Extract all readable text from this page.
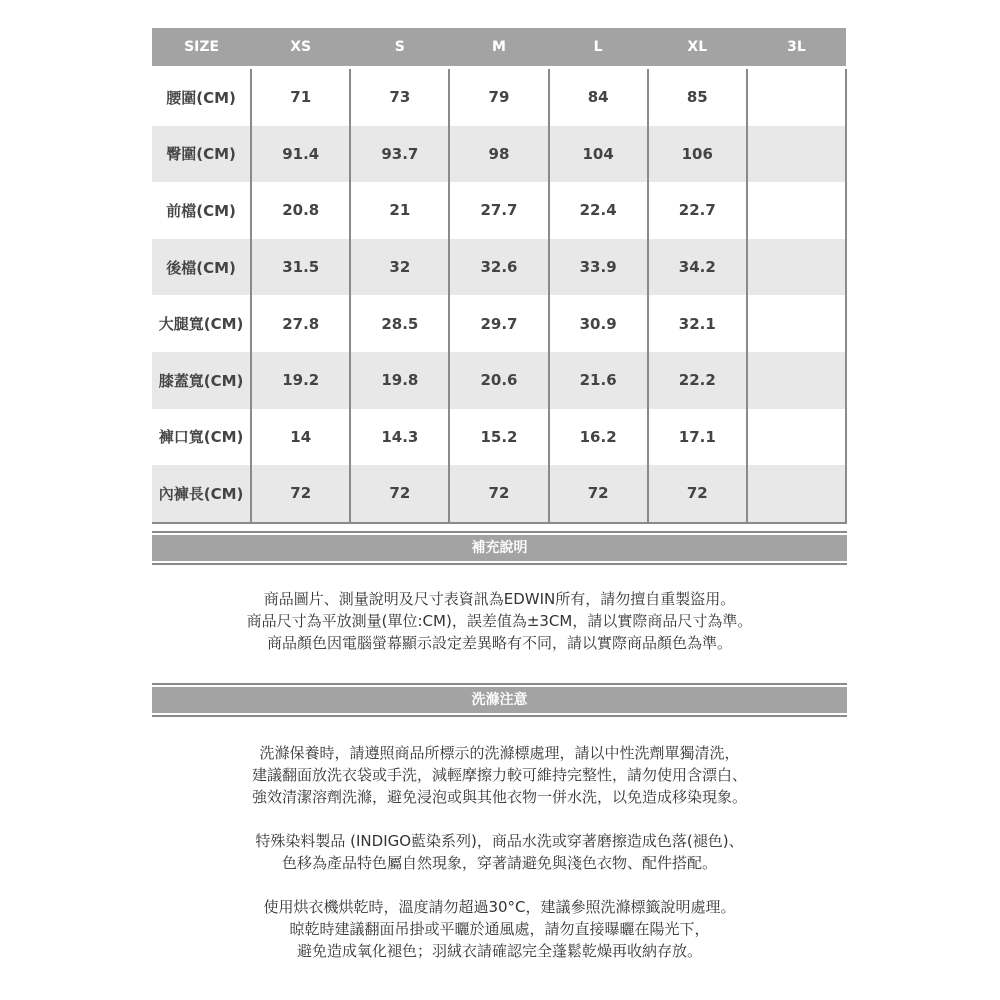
SIZE	XS	S	M	L	XL	3L
腰圍(CM)	71	73	79	84	85	
臀圍(CM)	91.4	93.7	98	104	106	
前檔(CM)	20.8	21	27.7	22.4	22.7	
後檔(CM)	31.5	32	32.6	33.9	34.2	
大腿寬(CM)	27.8	28.5	29.7	30.9	32.1	
膝蓋寬(CM)	19.2	19.8	20.6	21.6	22.2	
褲口寬(CM)	14	14.3	15.2	16.2	17.1	
內褲長(CM)	72	72	72	72	72	
補充說明

商品圖片、測量說明及尺寸表資訊為EDWIN所有，請勿擅自重製盜用。
商品尺寸為平放測量(單位:CM)，誤差值為±3CM，請以實際商品尺寸為準。
商品顏色因電腦螢幕顯示設定差異略有不同，請以實際商品顏色為準。

洗滌注意

洗滌保養時，請遵照商品所標示的洗滌標處理，請以中性洗劑單獨清洗，
建議翻面放洗衣袋或手洗，減輕摩擦力較可維持完整性，請勿使用含漂白、
強效清潔溶劑洗滌，避免浸泡或與其他衣物一併水洗，以免造成移染現象。

特殊染料製品 (INDIGO藍染系列)，商品水洗或穿著磨擦造成色落(褪色)、
色移為產品特色屬自然現象，穿著請避免與淺色衣物、配件搭配。

使用烘衣機烘乾時，溫度請勿超過30°C，建議參照洗滌標籤說明處理。
晾乾時建議翻面吊掛或平曬於通風處，請勿直接曝曬在陽光下，
避免造成氧化褪色；羽絨衣請確認完全蓬鬆乾燥再收納存放。
